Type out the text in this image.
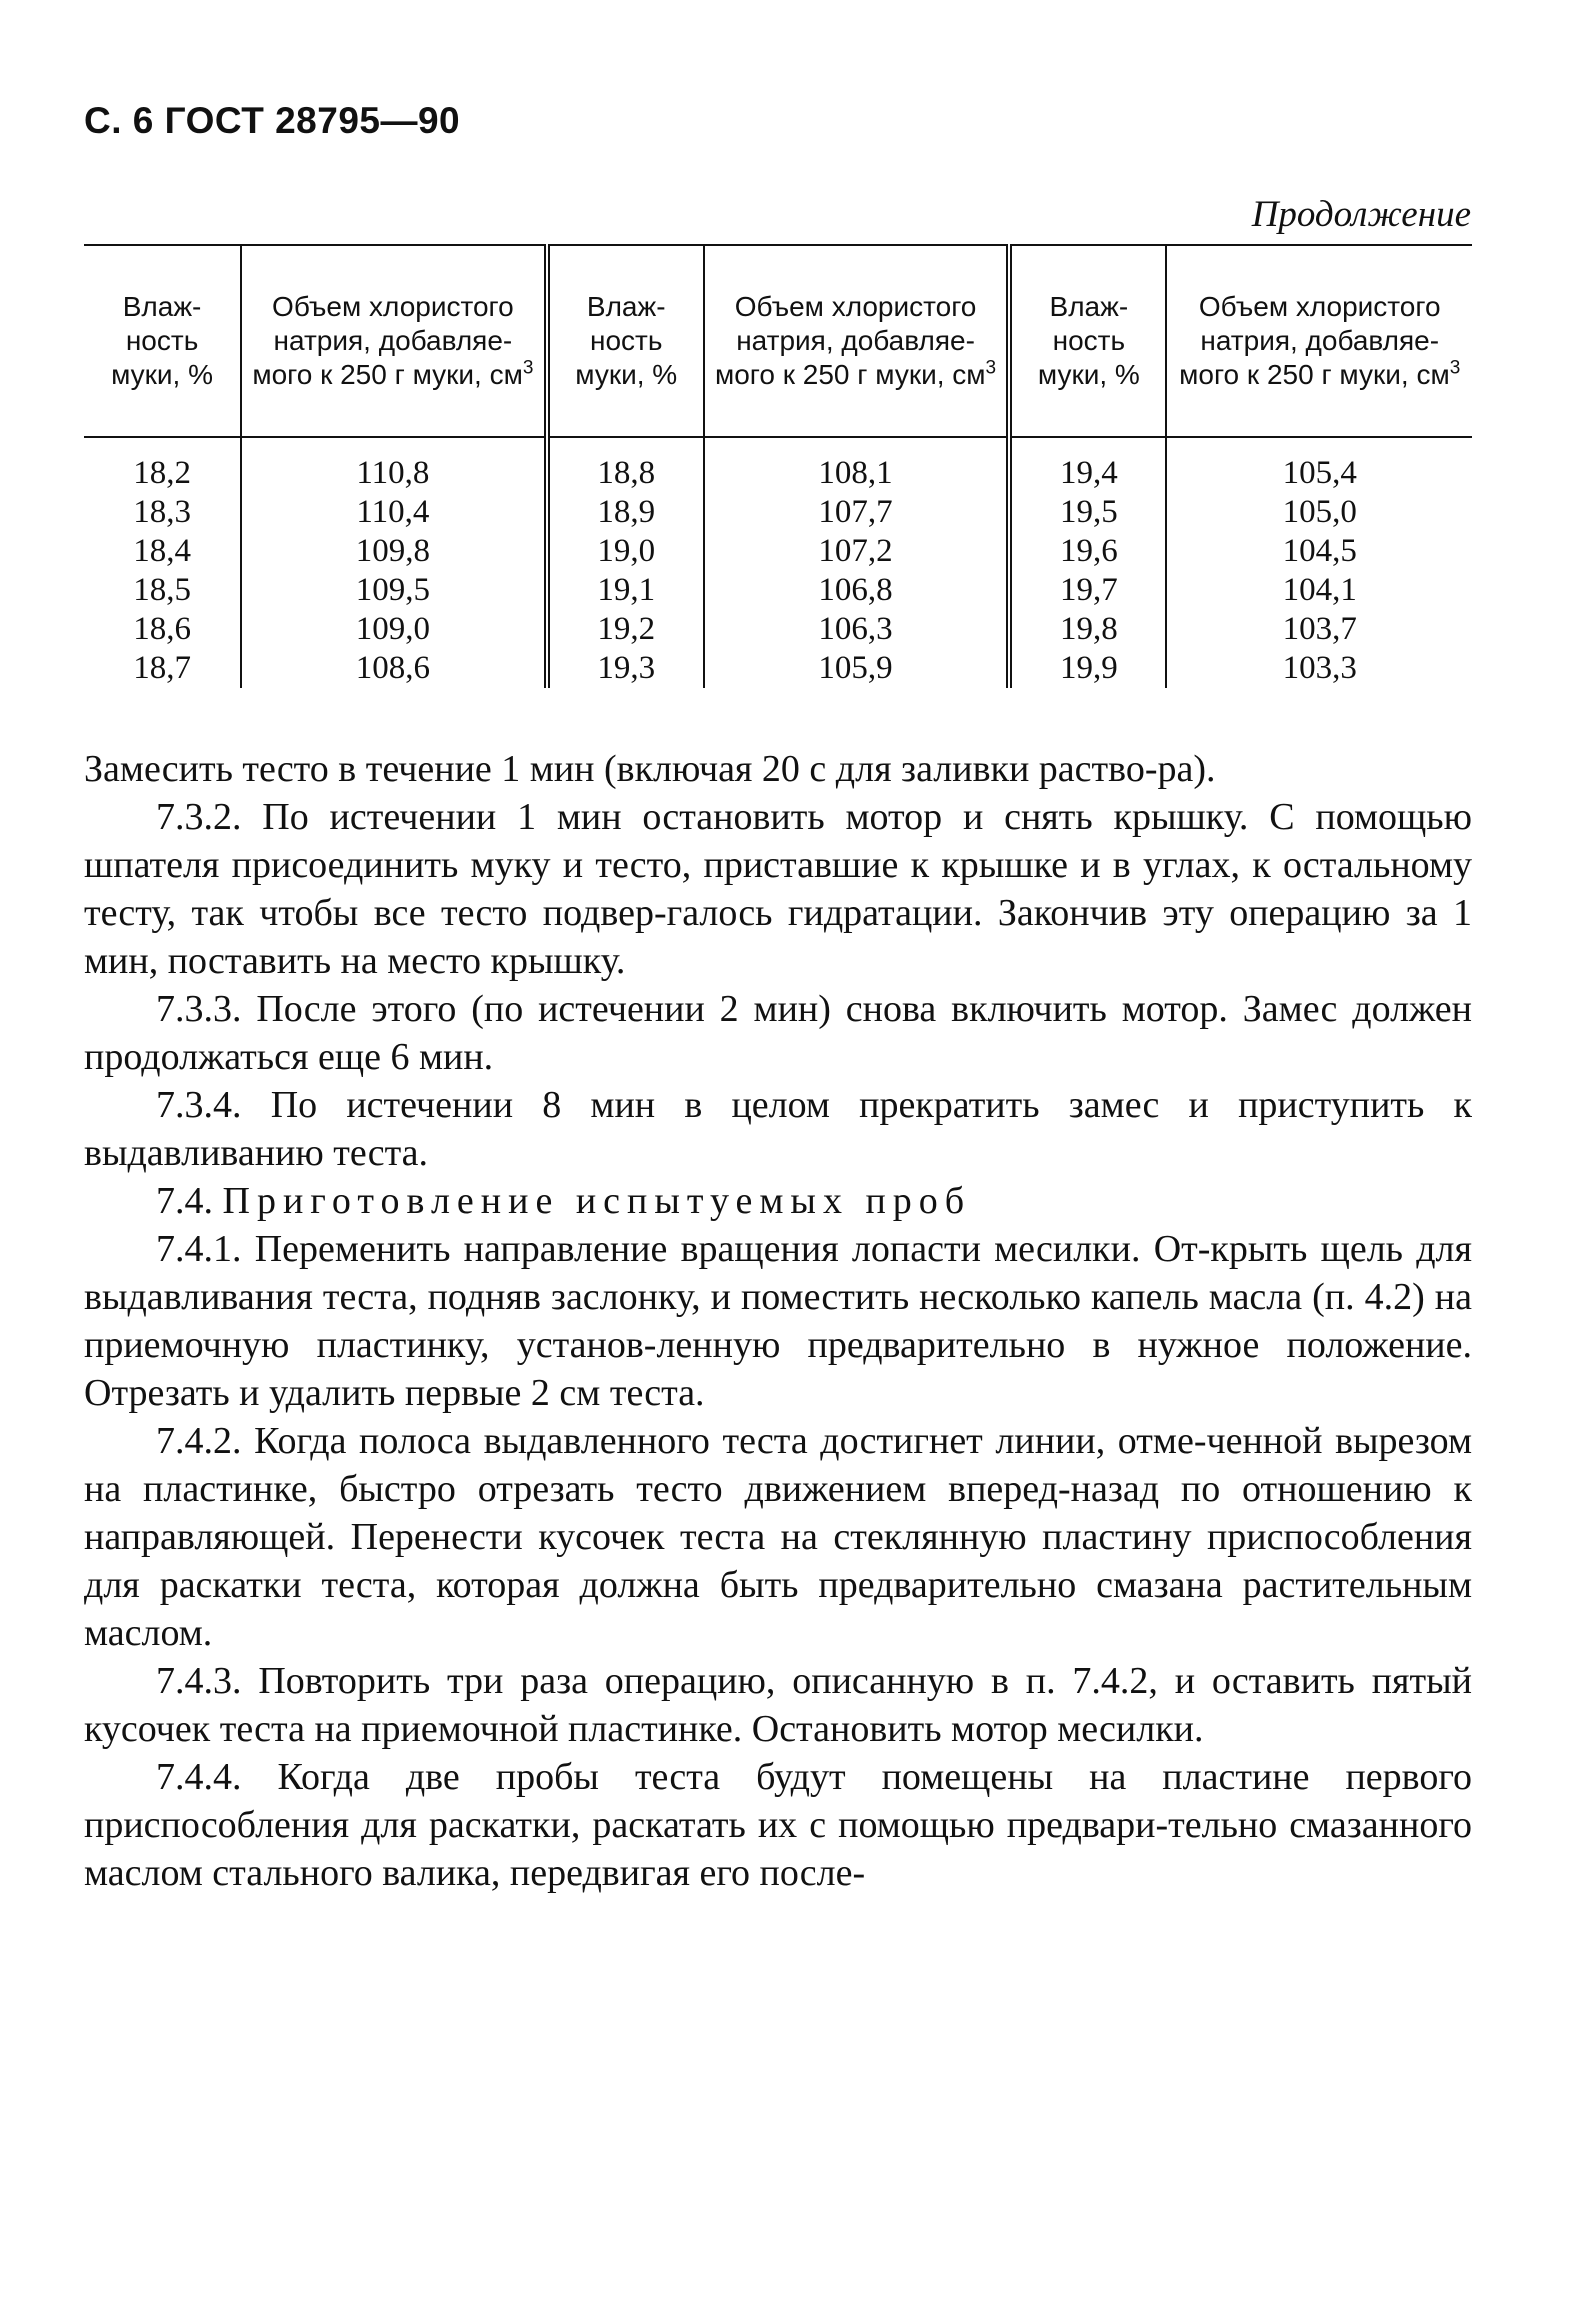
С. 6 ГОСТ 28795—90
Продолжение
Влаж-ность муки, %	Объем хлористого натрия, добавляе-мого к 250 г муки, $см^3$	Влаж-ность муки, %	Объем хлористого натрия, добавляе-мого к 250 г муки, $см^3$	Влаж-ность муки, %	Объем хлористого натрия, добавляе-мого к 250 г муки, $см^3$
18,2	110,8	18,8	108,1	19,4	105,4
18,3	110,4	18,9	107,7	19,5	105,0
18,4	109,8	19,0	107,2	19,6	104,5
18,5	109,5	19,1	106,8	19,7	104,1
18,6	109,0	19,2	106,3	19,8	103,7
18,7	108,6	19,3	105,9	19,9	103,3

Замесить тесто в течение 1 мин (включая 20 с для заливки раство-ра).

7.3.2. По истечении 1 мин остановить мотор и снять крышку. С помощью шпателя присоединить муку и тесто, приставшие к крышке и в углах, к остальному тесту, так чтобы все тесто подвер-галось гидратации. Закончив эту операцию за 1 мин, поставить на место крышку.

7.3.3. После этого (по истечении 2 мин) снова включить мотор. Замес должен продолжаться еще 6 мин.

7.3.4. По истечении 8 мин в целом прекратить замес и приступить к выдавливанию теста.

7.4. Приготовление испытуемых проб

7.4.1. Переменить направление вращения лопасти месилки. От-крыть щель для выдавливания теста, подняв заслонку, и поместить несколько капель масла (п. 4.2) на приемочную пластинку, установ-ленную предварительно в нужное положение. Отрезать и удалить первые 2 см теста.

7.4.2. Когда полоса выдавленного теста достигнет линии, отме-ченной вырезом на пластинке, быстро отрезать тесто движением вперед-назад по отношению к направляющей. Перенести кусочек теста на стеклянную пластину приспособления для раскатки теста, которая должна быть предварительно смазана растительным маслом.

7.4.3. Повторить три раза операцию, описанную в п. 7.4.2, и оставить пятый кусочек теста на приемочной пластинке. Остановить мотор месилки.

7.4.4. Когда две пробы теста будут помещены на пластине первого приспособления для раскатки, раскатать их с помощью предвари-тельно смазанного маслом стального валика, передвигая его после-
